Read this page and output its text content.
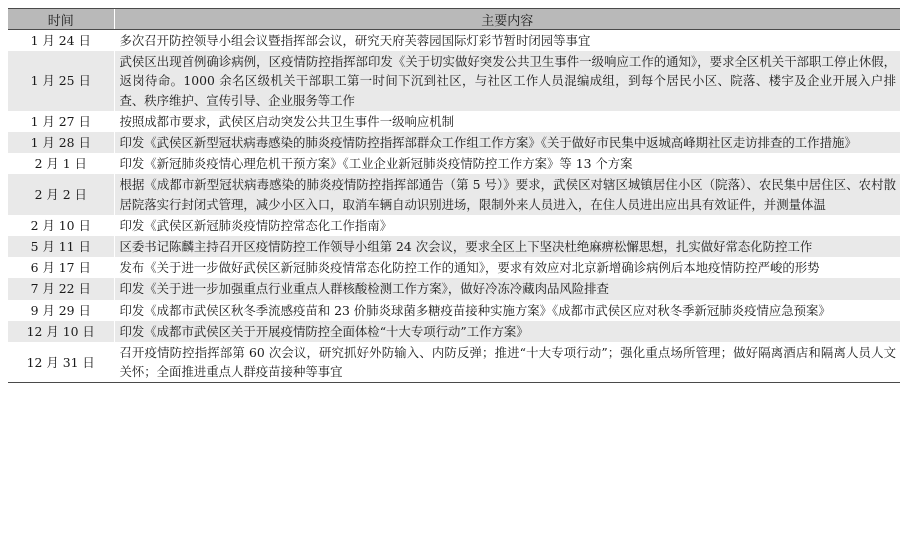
时间	主要内容
1 月 24 日	多次召开防控领导小组会议暨指挥部会议，研究天府芙蓉园国际灯彩节暂时闭园等事宜
1 月 25 日	武侯区出现首例确诊病例，区疫情防控指挥部印发《关于切实做好突发公共卫生事件一级响应工作的通知》，要求全区机关干部职工停止休假，返岗待命。1000 余名区级机关干部职工第一时间下沉到社区，与社区工作人员混编成组，到每个居民小区、院落、楼宇及企业开展入户排查、秩序维护、宣传引导、企业服务等工作
1 月 27 日	按照成都市要求，武侯区启动突发公共卫生事件一级响应机制
1 月 28 日	印发《武侯区新型冠状病毒感染的肺炎疫情防控指挥部群众工作组工作方案》《关于做好市民集中返城高峰期社区走访排查的工作措施》
2 月 1 日	印发《新冠肺炎疫情心理危机干预方案》《工业企业新冠肺炎疫情防控工作方案》等 13 个方案
2 月 2 日	根据《成都市新型冠状病毒感染的肺炎疫情防控指挥部通告（第 5 号）》要求，武侯区对辖区城镇居住小区（院落）、农民集中居住区、农村散居院落实行封闭式管理，减少小区入口，取消车辆自动识别进场，限制外来人员进入，在住人员进出应出具有效证件，并测量体温
2 月 10 日	印发《武侯区新冠肺炎疫情防控常态化工作指南》
5 月 11 日	区委书记陈麟主持召开区疫情防控工作领导小组第 24 次会议，要求全区上下坚决杜绝麻痹松懈思想，扎实做好常态化防控工作
6 月 17 日	发布《关于进一步做好武侯区新冠肺炎疫情常态化防控工作的通知》，要求有效应对北京新增确诊病例后本地疫情防控严峻的形势
7 月 22 日	印发《关于进一步加强重点行业重点人群核酸检测工作方案》，做好冷冻冷藏肉品风险排查
9 月 29 日	印发《成都市武侯区秋冬季流感疫苗和 23 价肺炎球菌多糖疫苗接种实施方案》《成都市武侯区应对秋冬季新冠肺炎疫情应急预案》
12 月 10 日	印发《成都市武侯区关于开展疫情防控全面体检“十大专项行动”工作方案》
12 月 31 日	召开疫情防控指挥部第 60 次会议，研究抓好外防输入、内防反弹；推进“十大专项行动”；强化重点场所管理；做好隔离酒店和隔离人员人文关怀；全面推进重点人群疫苗接种等事宜
